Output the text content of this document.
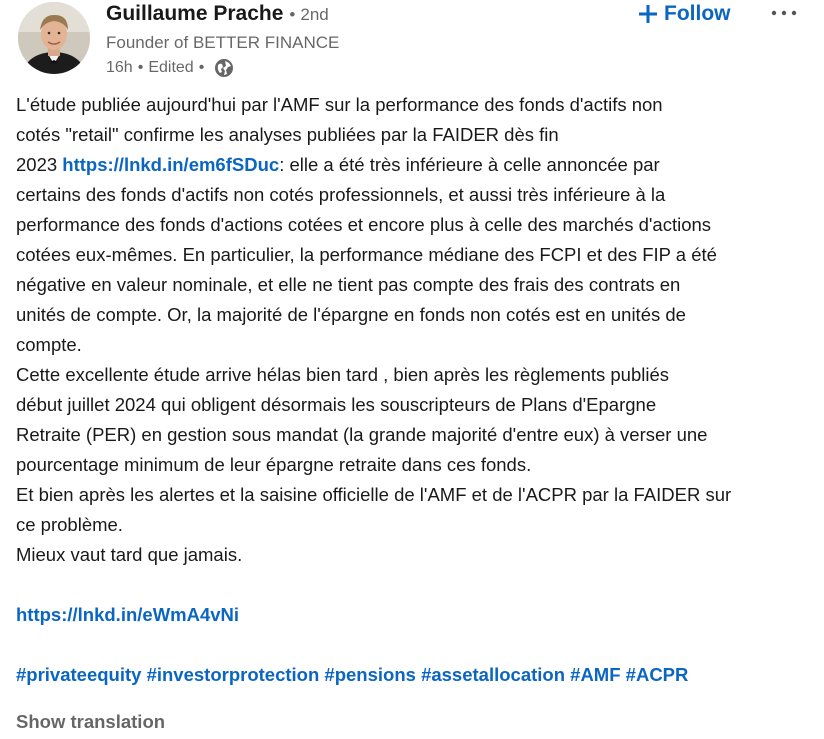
Guillaume Prache • 2nd
Founder of BETTER FINANCE
16h • Edited •
Follow

L'étude publiée aujourd'hui par l'AMF sur la performance des fonds d'actifs non

cotés "retail" confirme les analyses publiées par la FAIDER dès fin

2023 https://lnkd.in/em6fSDuc: elle a été très inférieure à celle annoncée par

certains des fonds d'actifs non cotés professionnels, et aussi très inférieure à la

performance des fonds d'actions cotées et encore plus à celle des marchés d'actions

cotées eux-mêmes. En particulier, la performance médiane des FCPI et des FIP a été

négative en valeur nominale, et elle ne tient pas compte des frais des contrats en

unités de compte. Or, la majorité de l'épargne en fonds non cotés est en unités de

compte.

Cette excellente étude arrive hélas bien tard , bien après les règlements publiés

début juillet 2024 qui obligent désormais les souscripteurs de Plans d'Epargne

Retraite (PER) en gestion sous mandat (la grande majorité d'entre eux) à verser une

pourcentage minimum de leur épargne retraite dans ces fonds.

Et bien après les alertes et la saisine officielle de l'AMF et de l'ACPR par la FAIDER sur

ce problème.

Mieux vaut tard que jamais.

https://lnkd.in/eWmA4vNi

#privateequity #investorprotection #pensions #assetallocation #AMF #ACPR

Show translation
